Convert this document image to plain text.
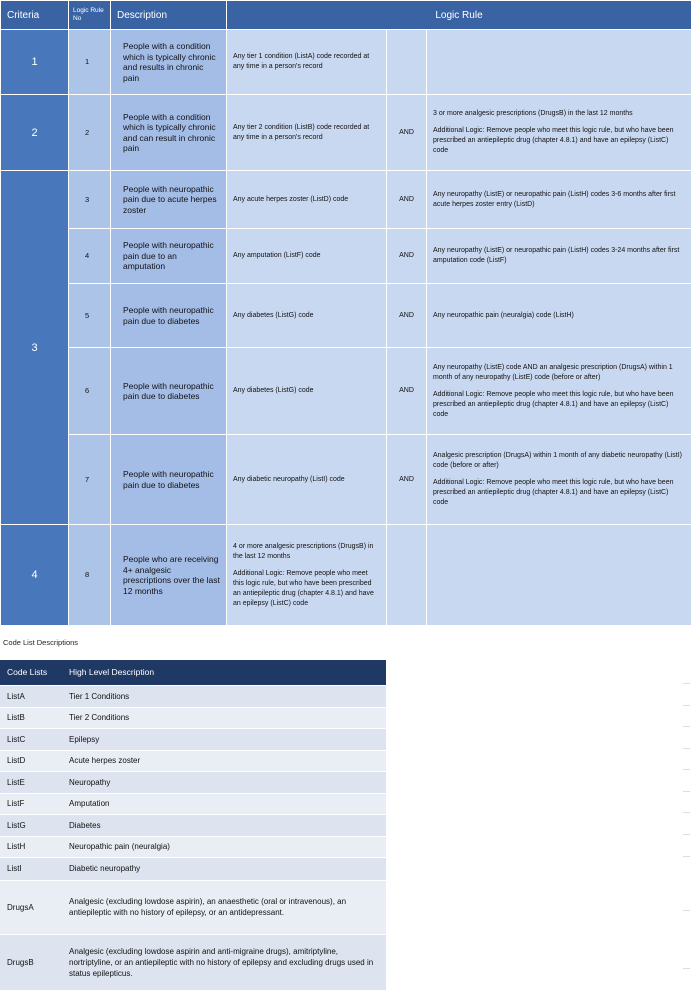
Criteria	Logic Rule No	Description	Logic Rule		
1	1	People with a condition which is typically chronic and results in chronic pain	Any tier 1 condition (ListA) code recorded at any time in a person's record		

2	2	People with a condition which is typically chronic and can result in chronic pain	Any tier 2 condition (ListB) code recorded at any time in a person's record	AND	3 or more analgesic prescriptions (DrugsB) in the last 12 months
Additional Logic: Remove people who meet this logic rule, but who have been prescribed an antiepileptic drug (chapter 4.8.1) and have an epilepsy (ListC) code

3	3	People with neuropathic pain due to acute herpes zoster	Any acute herpes zoster (ListD) code	AND	Any neuropathy (ListE) or neuropathic pain (ListH) codes 3-6 months after first acute herpes zoster entry (ListD)

	4	People with neuropathic pain due to an amputation	Any amputation (ListF) code	AND	Any neuropathy (ListE) or neuropathic pain (ListH) codes 3-24 months after first amputation code (ListF)

	5	People with neuropathic pain due to diabetes	Any diabetes (ListG) code	AND	Any neuropathic pain (neuralgia) code (ListH)

	6	People with neuropathic pain due to diabetes	Any diabetes (ListG) code	AND	Any neuropathy (ListE) code AND an analgesic prescription (DrugsA) within 1 month of any neuropathy (ListE) code (before or after)
Additional Logic: Remove people who meet this logic rule, but who have been prescribed an antiepileptic drug (chapter 4.8.1) and have an epilepsy (ListC) code

	7	People with neuropathic pain due to diabetes	Any diabetic neuropathy (ListI) code	AND	Analgesic prescription (DrugsA) within 1 month of any diabetic neuropathy (ListI) code (before or after)
Additional Logic: Remove people who meet this logic rule, but who have been prescribed an antiepileptic drug (chapter 4.8.1) and have an epilepsy (ListC) code

4	8	People who are receiving 4+ analgesic prescriptions over the last 12 months	4 or more analgesic prescriptions (DrugsB) in the last 12 months
Additional Logic: Remove people who meet this logic rule, but who have been prescribed an antiepileptic drug (chapter 4.8.1) and have an epilepsy (ListC) code		

Code List Descriptions
Code Lists	High Level Description
ListA	Tier 1 Conditions
ListB	Tier 2 Conditions
ListC	Epilepsy
ListD	Acute herpes zoster
ListE	Neuropathy
ListF	Amputation
ListG	Diabetes
ListH	Neuropathic pain (neuralgia)
ListI	Diabetic neuropathy
DrugsA	Analgesic (excluding lowdose aspirin), an anaesthetic (oral or intravenous), an antiepileptic with no history of epilepsy, or an antidepressant.
DrugsB	Analgesic (excluding lowdose aspirin and anti-migraine drugs), amitriptyline, nortriptyline, or an antiepileptic with no history of epilepsy and excluding drugs used in status epilepticus.
